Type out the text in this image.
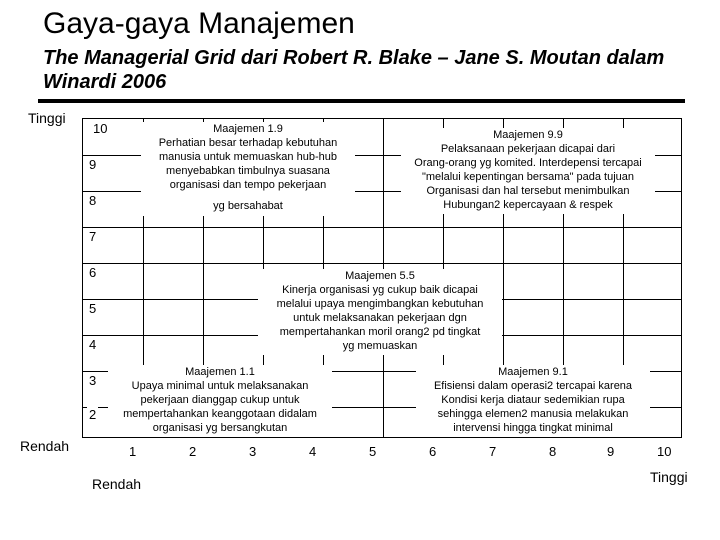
Gaya-gaya Manajemen
The Managerial Grid dari Robert R. Blake – Jane S. Moutan dalam Winardi 2006
Tinggi
Rendah
Rendah	Tinggi
10
9
8
7
6
5
4
3
2
1	2	3	4	5	6	7	8	9	10
Maajemen 1.9
Perhatian besar terhadap kebutuhan
manusia untuk memuaskan hub-hub
menyebabkan timbulnya suasana
organisasi dan tempo pekerjaan
yg bersahabat
Maajemen 9.9
Pelaksanaan pekerjaan dicapai dari
Orang-orang yg komited. Interdepensi tercapai
"melalui kepentingan bersama" pada tujuan
Organisasi dan hal tersebut menimbulkan
Hubungan2 kepercayaan & respek
Maajemen 5.5
Kinerja organisasi yg cukup baik dicapai
melalui upaya mengimbangkan kebutuhan
untuk melaksanakan pekerjaan dgn
mempertahankan moril orang2 pd tingkat
yg memuaskan
Maajemen 1.1
Upaya minimal untuk melaksanakan
pekerjaan dianggap cukup untuk
mempertahankan keanggotaan didalam
organisasi yg bersangkutan
Maajemen 9.1
Efisiensi dalam operasi2 tercapai karena
Kondisi kerja diataur sedemikian rupa
sehingga elemen2 manusia melakukan
intervensi hingga tingkat minimal
